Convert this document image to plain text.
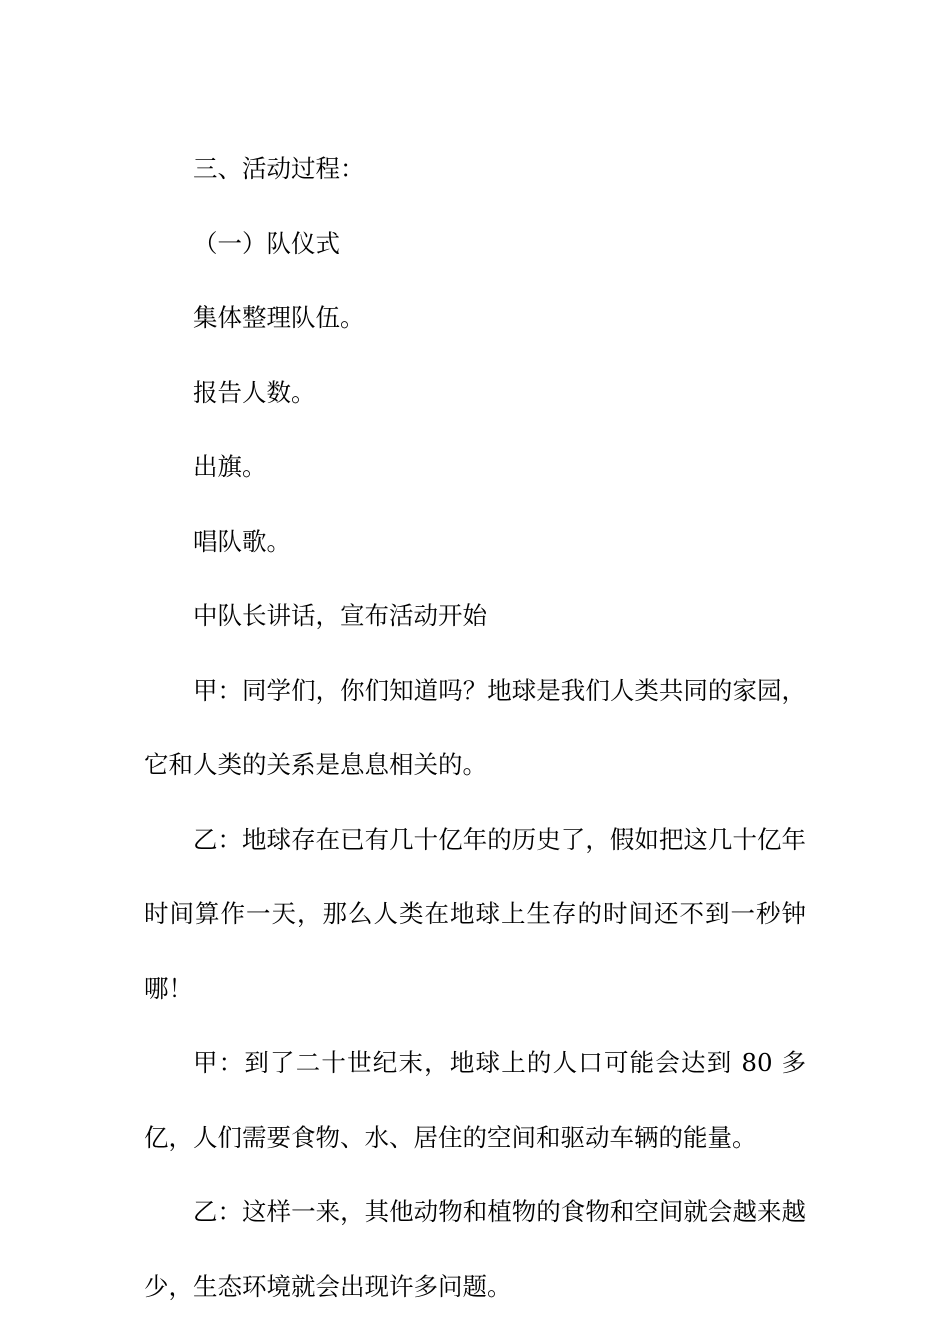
三、活动过程：

（一）队仪式

集体整理队伍。

报告人数。

出旗。

唱队歌。

中队长讲话，宣布活动开始

甲：同学们，你们知道吗？地球是我们人类共同的家园，它和人类的关系是息息相关的。

乙：地球存在已有几十亿年的历史了，假如把这几十亿年时间算作一天，那么人类在地球上生存的时间还不到一秒钟哪！

甲：到了二十世纪末，地球上的人口可能会达到 80 多亿，人们需要食物、水、居住的空间和驱动车辆的能量。

乙：这样一来，其他动物和植物的食物和空间就会越来越少，生态环境就会出现许多问题。
